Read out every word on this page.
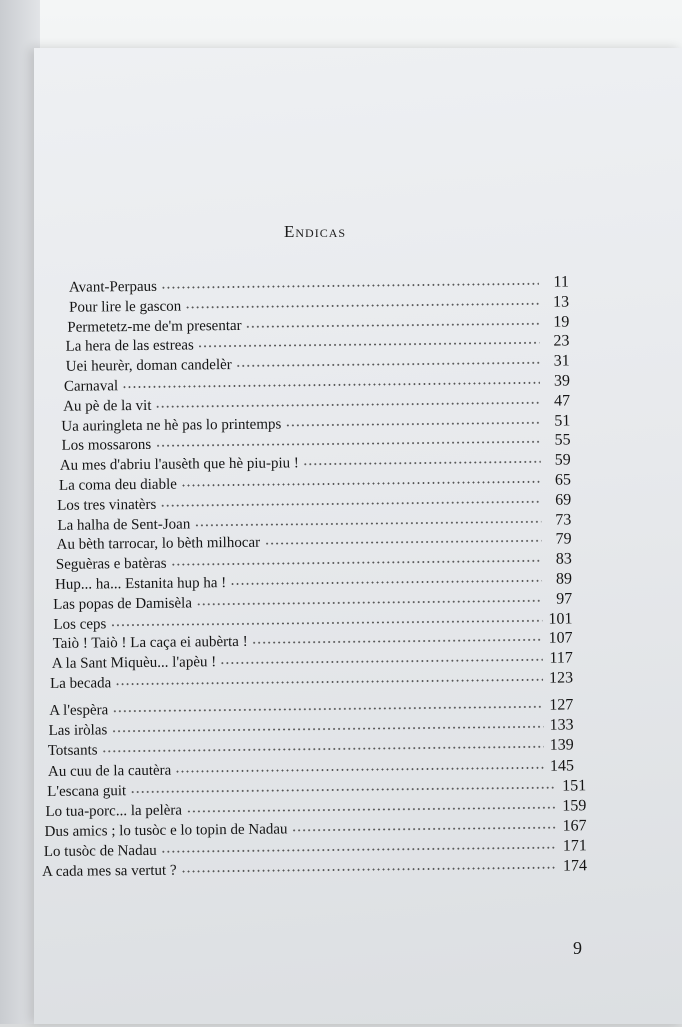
Endicas
Avant-Perpaus	11
Pour lire le gascon	13
Permetetz-me de'm presentar	19
La hera de las estreas	23
Uei heurèr, doman candelèr	31
Carnaval	39
Au pè de la vit	47
Ua auringleta ne hè pas lo printemps	51
Los mossarons	55
Au mes d'abriu l'ausèth que hè piu-piu !	59
La coma deu diable	65
Los tres vinatèrs	69
La halha de Sent-Joan	73
Au bèth tarrocar, lo bèth milhocar	79
Seguèras e batèras	83
Hup... ha... Estanita hup ha !	89
Las popas de Damisèla	97
Los ceps	101
Taiò ! Taiò ! La caça ei aubèrta !	107
A la Sant Miquèu... l'apèu !	117
La becada	123
A l'espèra	127
Las iròlas	133
Totsants	139
Au cuu de la cautèra	145
L'escana guit	151
Lo tua-porc... la pelèra	159
Dus amics ; lo tusòc e lo topin de Nadau	167
Lo tusòc de Nadau	171
A cada mes sa vertut ?	174
9
